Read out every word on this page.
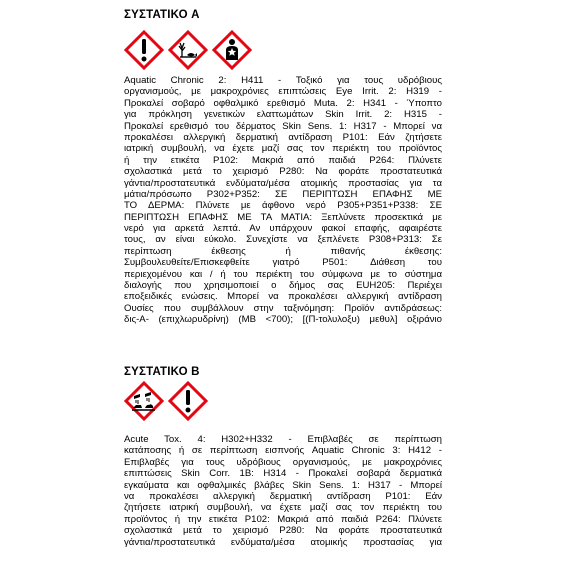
ΣΥΣΤΑΤΙΚΟ A
Aquatic Chronic 2: H411 - Τοξικό για τους υδρόβιους
οργανισμούς, με μακροχρόνιες επιπτώσεις Eye Irrit. 2: H319 -
Προκαλεί σοβαρό οφθαλμικό ερεθισμό Muta. 2: H341 - Ύποπτο
για πρόκληση γενετικών ελαττωμάτων Skin Irrit. 2: H315 -
Προκαλεί ερεθισμό του δέρματος Skin Sens. 1: H317 - Μπορεί να
προκαλέσει αλλεργική δερματική αντίδραση P101: Εάν ζητήσετε
ιατρική συμβουλή, να έχετε μαζί σας τον περιέκτη του προϊόντος
ή την ετικέτα P102: Μακριά από παιδιά P264: Πλύνετε
σχολαστικά μετά το χειρισμό P280: Να φοράτε προστατευτικά
γάντια/προστατευτικά ενδύματα/μέσα ατομικής προστασίας για τα
μάτια/πρόσωπο P302+P352: ΣΕ ΠΕΡΙΠΤΩΣΗ ΕΠΑΦΗΣ ΜΕ
ΤΟ ΔΕΡΜΑ: Πλύνετε με άφθονο νερό P305+P351+P338: ΣΕ
ΠΕΡΙΠΤΩΣΗ ΕΠΑΦΗΣ ΜΕ ΤΑ ΜΑΤΙΑ: Ξεπλύνετε προσεκτικά με
νερό για αρκετά λεπτά. Αν υπάρχουν φακοί επαφής, αφαιρέστε
τους, αν είναι εύκολο. Συνεχίστε να ξεπλένετε P308+P313: Σε
περίπτωση έκθεσης ή πιθανής έκθεσης:
Συμβουλευθείτε/Επισκεφθείτε γιατρό P501: Διάθεση του
περιεχομένου και / ή του περιέκτη του σύμφωνα με το σύστημα
διαλογής που χρησιμοποιεί ο δήμος σας EUH205: Περιέχει
εποξειδικές ενώσεις. Μπορεί να προκαλέσει αλλεργική αντίδραση
Ουσίες που συμβάλλουν στην ταξινόμηση: Προϊόν αντιδράσεως:
δις-Α- (επιχλωρυδρίνη) (MB <700); [(Π-τολυλοξυ) μεθυλ] οξιράνιο
ΣΥΣΤΑΤΙΚΟ B
Acute Tox. 4: H302+H332 - Επιβλαβές σε περίπτωση
κατάποσης ή σε περίπτωση εισπνοής Aquatic Chronic 3: H412 -
Επιβλαβές για τους υδρόβιους οργανισμούς, με μακροχρόνιες
επιπτώσεις Skin Corr. 1B: H314 - Προκαλεί σοβαρά δερματικά
εγκαύματα και οφθαλμικές βλάβες Skin Sens. 1: H317 - Μπορεί
να προκαλέσει αλλεργική δερματική αντίδραση P101: Εάν
ζητήσετε ιατρική συμβουλή, να έχετε μαζί σας τον περιέκτη του
προϊόντος ή την ετικέτα P102: Μακριά από παιδιά P264: Πλύνετε
σχολαστικά μετά το χειρισμό P280: Να φοράτε προστατευτικά
γάντια/προστατευτικά ενδύματα/μέσα ατομικής προστασίας για
